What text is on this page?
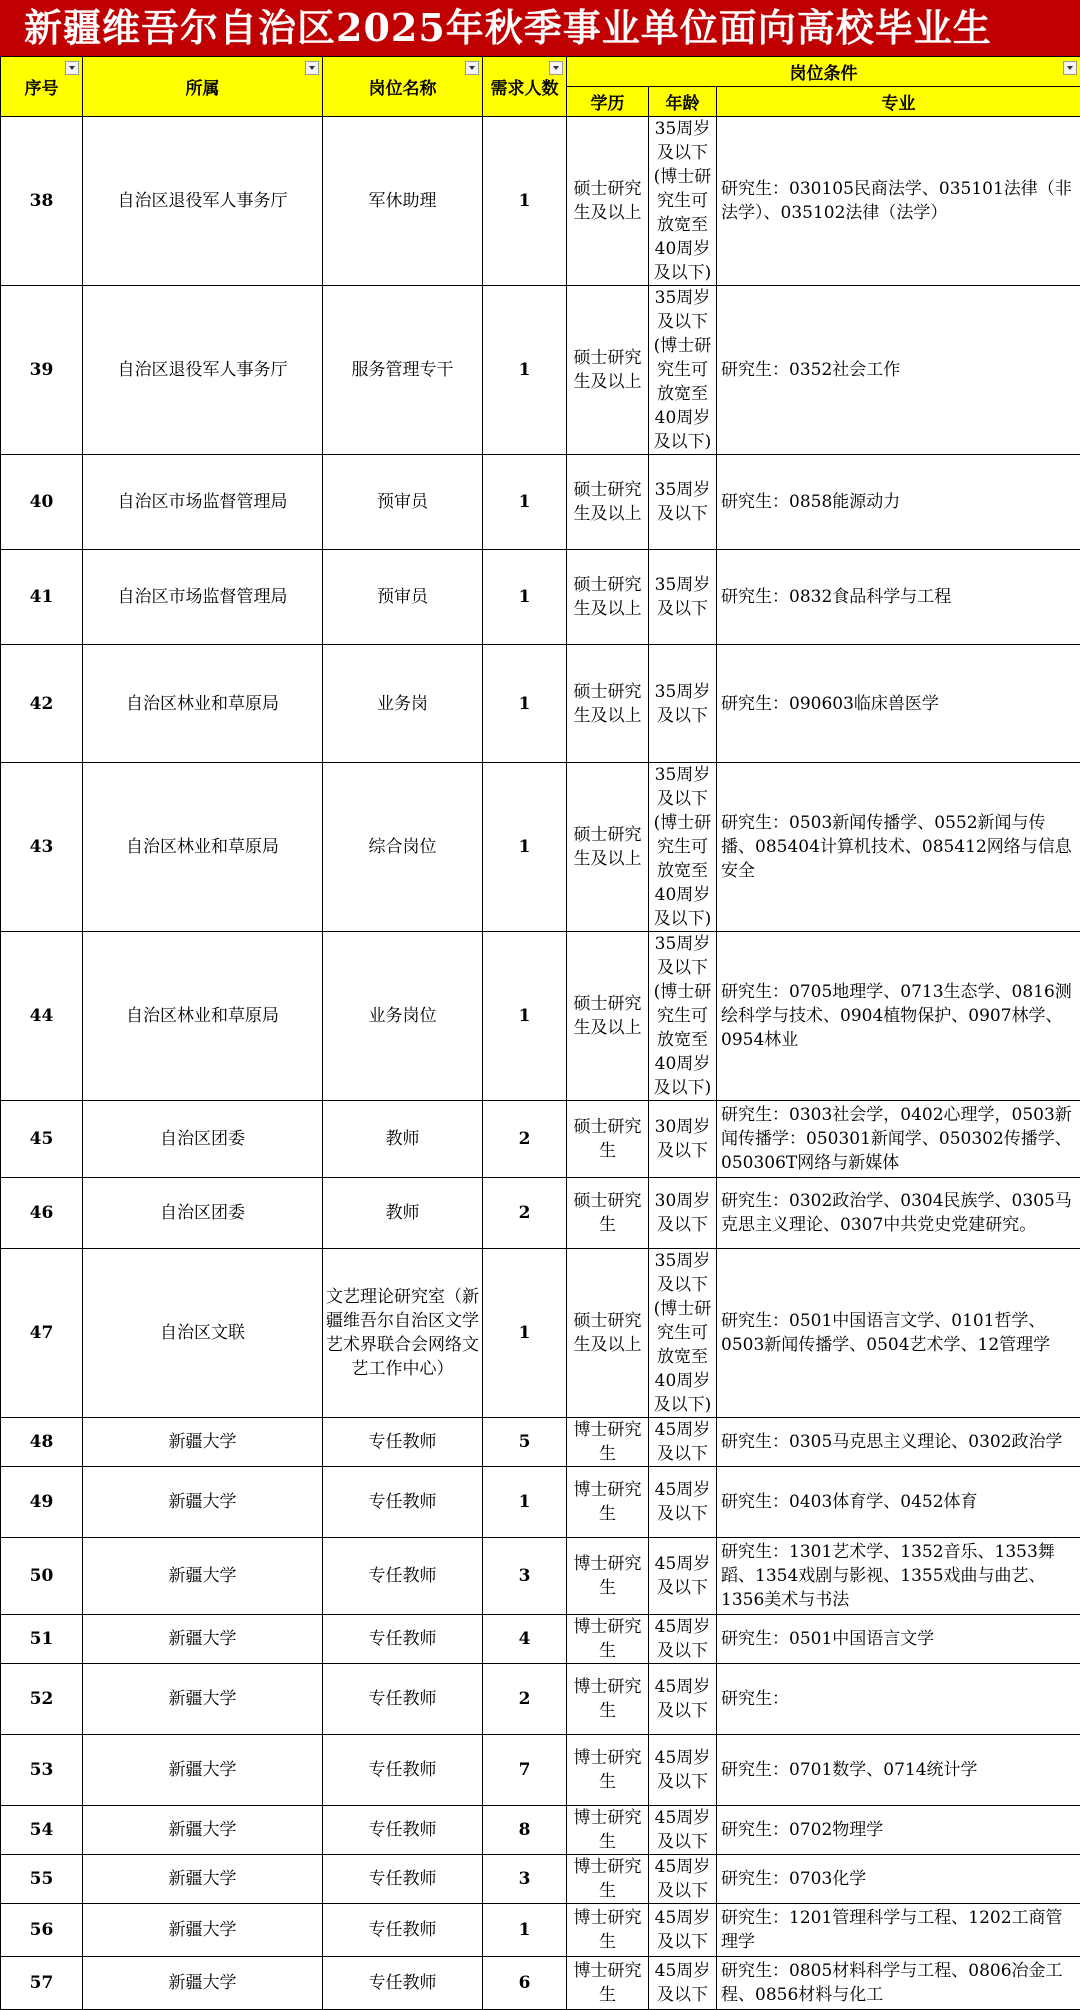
新疆维吾尔自治区2025年秋季事业单位面向高校毕业生
序号	所属	岗位名称	需求人数	岗位条件		

				学历	年龄	专业
38	自治区退役军人事务厅	军休助理	1	硕士研究生及以上	35周岁及以下(博士研究生可放宽至40周岁及以下)	研究生：030105民商法学、035101法律（非法学）、035102法律（法学）
39	自治区退役军人事务厅	服务管理专干	1	硕士研究生及以上	35周岁及以下(博士研究生可放宽至40周岁及以下)	研究生：0352社会工作
40	自治区市场监督管理局	预审员	1	硕士研究生及以上	35周岁及以下	研究生：0858能源动力
41	自治区市场监督管理局	预审员	1	硕士研究生及以上	35周岁及以下	研究生：0832食品科学与工程
42	自治区林业和草原局	业务岗	1	硕士研究生及以上	35周岁及以下	研究生：090603临床兽医学
43	自治区林业和草原局	综合岗位	1	硕士研究生及以上	35周岁及以下(博士研究生可放宽至40周岁及以下)	研究生：0503新闻传播学、0552新闻与传播、085404计算机技术、085412网络与信息安全
44	自治区林业和草原局	业务岗位	1	硕士研究生及以上	35周岁及以下(博士研究生可放宽至40周岁及以下)	研究生：0705地理学、0713生态学、0816测绘科学与技术、0904植物保护、0907林学、0954林业
45	自治区团委	教师	2	硕士研究生	30周岁及以下	研究生：0303社会学，0402心理学，0503新闻传播学：050301新闻学、050302传播学、050306T网络与新媒体
46	自治区团委	教师	2	硕士研究生	30周岁及以下	研究生：0302政治学、0304民族学、0305马克思主义理论、0307中共党史党建研究。
47	自治区文联	文艺理论研究室（新疆维吾尔自治区文学艺术界联合会网络文艺工作中心）	1	硕士研究生及以上	35周岁及以下(博士研究生可放宽至40周岁及以下)	研究生：0501中国语言文学、0101哲学、0503新闻传播学、0504艺术学、12管理学
48	新疆大学	专任教师	5	博士研究生	45周岁及以下	研究生：0305马克思主义理论、0302政治学
49	新疆大学	专任教师	1	博士研究生	45周岁及以下	研究生：0403体育学、0452体育
50	新疆大学	专任教师	3	博士研究生	45周岁及以下	研究生：1301艺术学、1352音乐、1353舞蹈、1354戏剧与影视、1355戏曲与曲艺、1356美术与书法
51	新疆大学	专任教师	4	博士研究生	45周岁及以下	研究生：0501中国语言文学
52	新疆大学	专任教师	2	博士研究生	45周岁及以下	研究生：
53	新疆大学	专任教师	7	博士研究生	45周岁及以下	研究生：0701数学、0714统计学
54	新疆大学	专任教师	8	博士研究生	45周岁及以下	研究生：0702物理学
55	新疆大学	专任教师	3	博士研究生	45周岁及以下	研究生：0703化学
56	新疆大学	专任教师	1	博士研究生	45周岁及以下	研究生：1201管理科学与工程、1202工商管理学
57	新疆大学	专任教师	6	博士研究生	45周岁及以下	研究生：0805材料科学与工程、0806冶金工程、0856材料与化工
